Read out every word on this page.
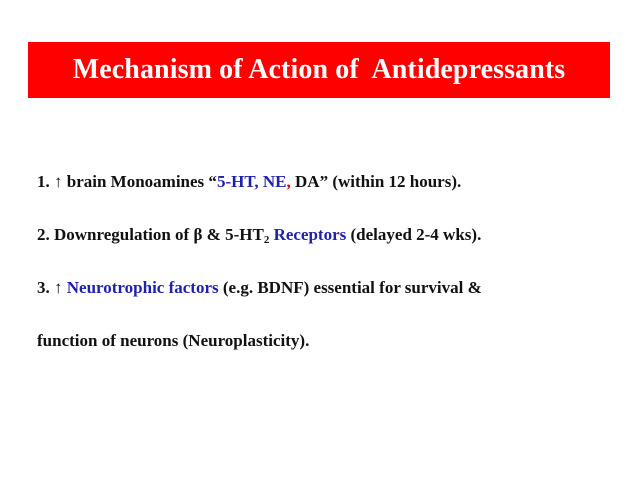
Mechanism of Action of  Antidepressants
1. ↑ brain Monoamines “5-HT, NE, DA” (within 12 hours).
2. Downregulation of β & $5-HT_2$ Receptors (delayed 2-4 wks).
3. ↑ Neurotrophic factors (e.g. BDNF) essential for survival &
function of neurons (Neuroplasticity).
